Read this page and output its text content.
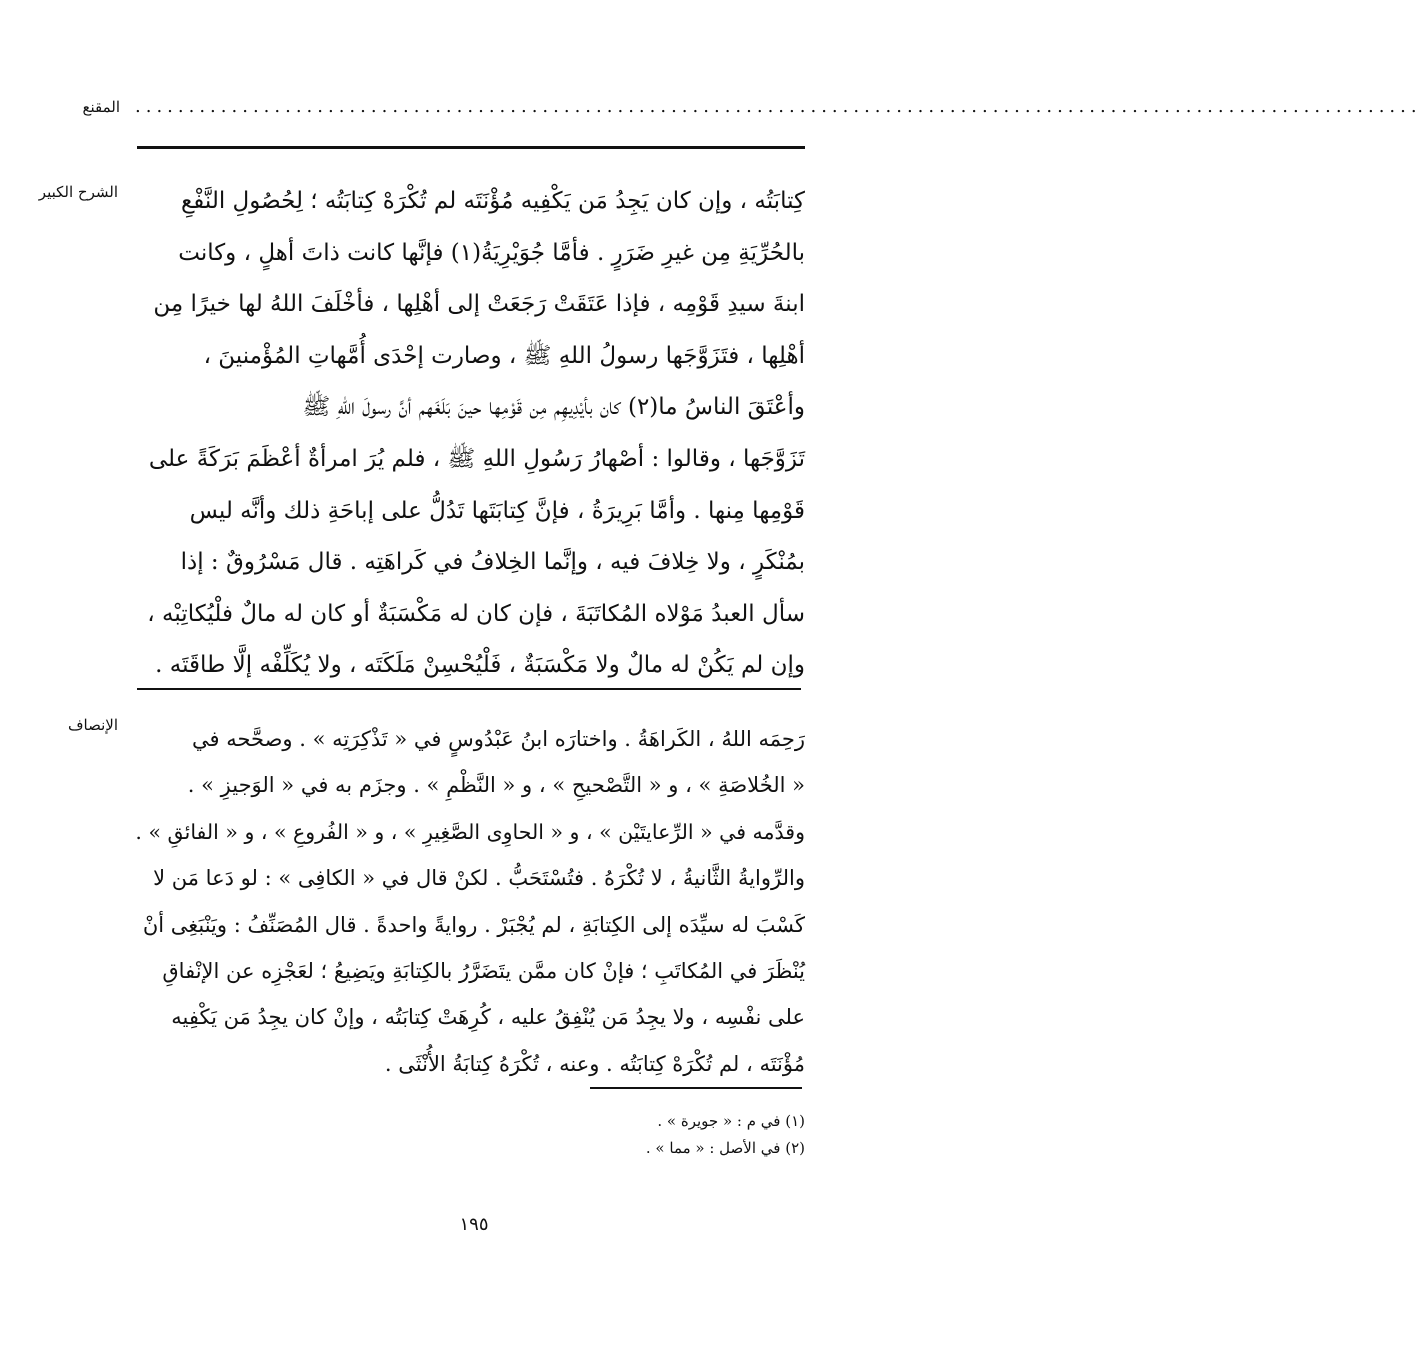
المقنع ........................................................................................................................
الشرح الكبير	كِتابَتُه ، وإن كان يَجِدُ مَن يَكْفِيه مُؤْنَتَه لم تُكْرَهْ كِتابَتُه ؛ لِحُصُولِ النَّفْعِ
بالحُرِّيَةِ مِن غيرِ ضَرَرٍ . فأمَّا جُوَيْرِيَةُ(١) فإنَّها كانت ذاتَ أهلٍ ، وكانت
ابنةَ سيدِ قَوْمِه ، فإذا عَتَقَتْ رَجَعَتْ إلى أهْلِها ، فأخْلَفَ اللهُ لها خيرًا مِن
أهْلِها ، فتَزَوَّجَها رسولُ اللهِ ﷺ ، وصارت إحْدَى أُمَّهاتِ المُؤْمنينَ ،
وأعْتَقَ الناسُ ما(٢) كان بأيْدِيهِم مِن قَوْمِها حينَ بَلَغَهم أنَّ رسولَ اللهِ ﷺ
تَزَوَّجَها ، وقالوا : أصْهارُ رَسُولِ اللهِ ﷺ ، فلم يُرَ امرأةٌ أعْظَمَ بَرَكَةً على
قَوْمِها مِنها . وأمَّا بَرِيرَةُ ، فإنَّ كِتابَتَها تَدُلُّ على إباحَةِ ذلك وأنَّه ليس
بمُنْكَرٍ ، ولا خِلافَ فيه ، وإنَّما الخِلافُ في كَراهَتِه . قال مَسْرُوقٌ : إذا
سأل العبدُ مَوْلاه المُكاتَبَةَ ، فإن كان له مَكْسَبَةٌ أو كان له مالٌ فلْيُكاتِبْه ،
وإن لم يَكُنْ له مالٌ ولا مَكْسَبَةٌ ، فَلْيُحْسِنْ مَلَكَتَه ، ولا يُكَلِّفْه إلَّا طاقَتَه .
الإنصاف
رَحِمَه اللهُ ، الكَراهَةُ . واختارَه ابنُ عَبْدُوسٍ في « تَذْكِرَتِه » . وصحَّحه في
« الخُلاصَةِ » ، و « التَّصْحيحِ » ، و « النَّظْمِ » . وجزَم به في « الوَجيزِ » .
وقدَّمه في « الرِّعايتَيْن » ، و « الحاوِى الصَّغِيرِ » ، و « الفُروعِ » ، و « الفائقِ » .
والرِّوايةُ الثَّانيةُ ، لا تُكْرَهُ . فتُسْتَحَبُّ . لكنْ قال في « الكافِى » : لو دَعا مَن لا
كَسْبَ له سيِّدَه إلى الكِتابَةِ ، لم يُجْبَرْ . روايةً واحدةً . قال المُصَنِّفُ : ويَنْبَغِى أنْ
يُنْظَرَ في المُكاتَبِ ؛ فإنْ كان ممَّن يتَضَرَّرُ بالكِتابَةِ ويَضِيعُ ؛ لعَجْزِه عن الإنْفاقِ
على نفْسِه ، ولا يجِدُ مَن يُنْفِقُ عليه ، كُرِهَتْ كِتابَتُه ، وإنْ كان يجِدُ مَن يَكْفِيه
مُؤْنَتَه ، لم تُكْرَهْ كِتابَتُه . وعنه ، تُكْرَهُ كِتابَةُ الأُنْثَى .
(١) في م : « جويرة » .
(٢) في الأصل : « مما » .
١٩٥
